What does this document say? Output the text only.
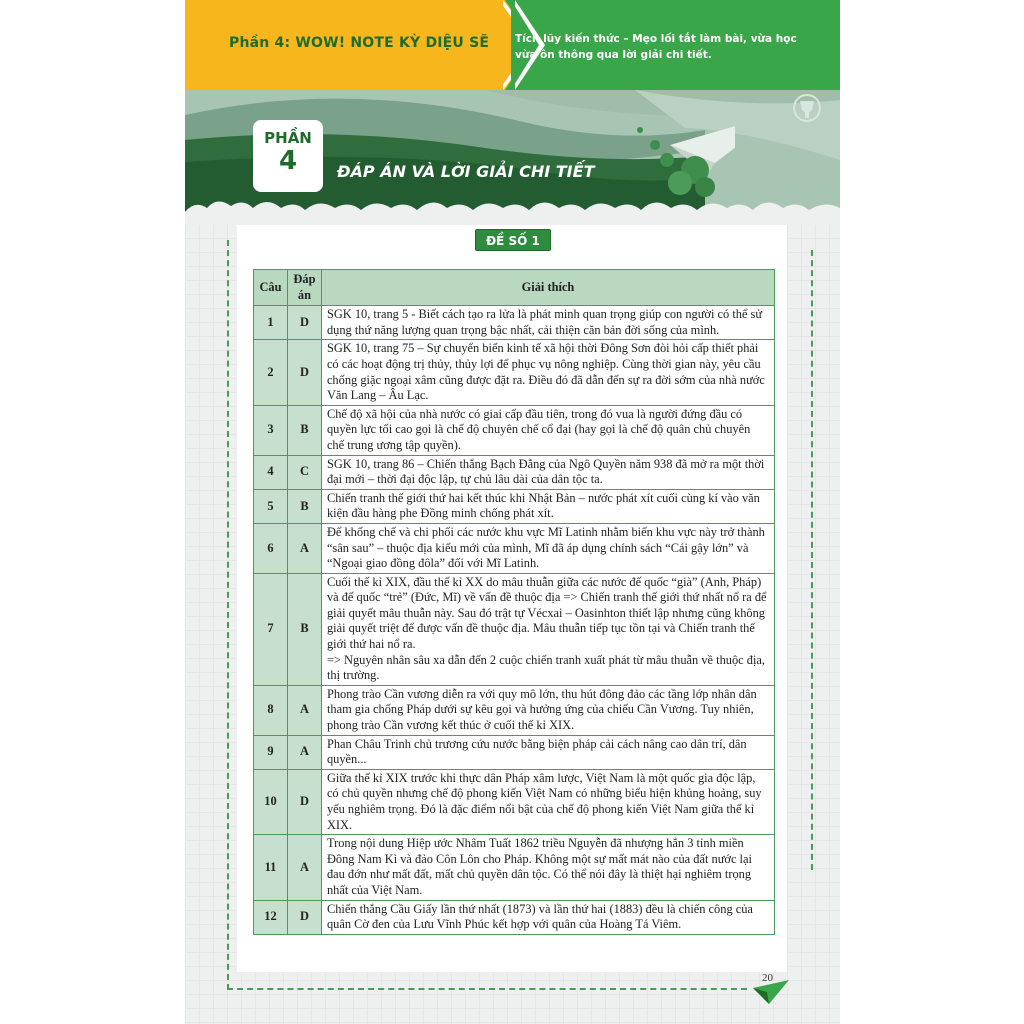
Phần 4: WOW! NOTE KỲ DIỆU SẼ Tích lũy kiến thức – Mẹo lối tắt làm bài, vừa học vừa ôn thông qua lời giải chi tiết.
PHẦN
4	ĐÁP ÁN VÀ LỜI GIẢI CHI TIẾT
ĐỀ SỐ 1
Câu	Đáp án	Giải thích
1	D	SGK 10, trang 5 - Biết cách tạo ra lửa là phát minh quan trọng giúp con người có thể sử dụng thứ năng lượng quan trọng bậc nhất, cải thiện căn bản đời sống của mình.
2	D	SGK 10, trang 75 – Sự chuyển biến kinh tế xã hội thời Đông Sơn đòi hỏi cấp thiết phải có các hoạt động trị thủy, thủy lợi để phục vụ nông nghiệp. Cùng thời gian này, yêu cầu chống giặc ngoại xâm cũng được đặt ra. Điều đó đã dẫn đến sự ra đời sớm của nhà nước Văn Lang – Âu Lạc.
3	B	Chế độ xã hội của nhà nước có giai cấp đầu tiên, trong đó vua là người đứng đầu có quyền lực tối cao gọi là chế độ chuyên chế cổ đại (hay gọi là chế độ quân chủ chuyên chế trung ương tập quyền).
4	C	SGK 10, trang 86 – Chiến thắng Bạch Đằng của Ngô Quyền năm 938 đã mở ra một thời đại mới – thời đại độc lập, tự chủ lâu dài của dân tộc ta.
5	B	Chiến tranh thế giới thứ hai kết thúc khi Nhật Bản – nước phát xít cuối cùng kí vào văn kiện đầu hàng phe Đồng minh chống phát xít.
6	A	Để khống chế và chi phối các nước khu vực Mĩ Latinh nhằm biến khu vực này trở thành “sân sau” – thuộc địa kiểu mới của mình, Mĩ đã áp dụng chính sách “Cái gậy lớn” và “Ngoại giao đồng đôla” đối với Mĩ Latinh.
7	B	Cuối thế kỉ XIX, đầu thế kỉ XX do mâu thuẫn giữa các nước đế quốc “già” (Anh, Pháp) và đế quốc “trẻ” (Đức, Mĩ) về vấn đề thuộc địa => Chiến tranh thế giới thứ nhất nổ ra để giải quyết mâu thuẫn này. Sau đó trật tự Vécxai – Oasinhton thiết lập nhưng cũng không giải quyết triệt để được vấn đề thuộc địa. Mâu thuẫn tiếp tục tồn tại và Chiến tranh thế giới thứ hai nổ ra.
=> Nguyên nhân sâu xa dẫn đến 2 cuộc chiến tranh xuất phát từ mâu thuẫn về thuộc địa, thị trường.
8	A	Phong trào Cần vương diễn ra với quy mô lớn, thu hút đông đảo các tầng lớp nhân dân tham gia chống Pháp dưới sự kêu gọi và hưởng ứng của chiếu Cần Vương. Tuy nhiên, phong trào Cần vương kết thúc ở cuối thế kỉ XIX.
9	A	Phan Châu Trinh chủ trương cứu nước bằng biện pháp cải cách nâng cao dân trí, dân quyền...
10	D	Giữa thế kỉ XIX trước khi thực dân Pháp xâm lược, Việt Nam là một quốc gia độc lập, có chủ quyền nhưng chế độ phong kiến Việt Nam có những biểu hiện khủng hoảng, suy yếu nghiêm trọng. Đó là đặc điểm nổi bật của chế độ phong kiến Việt Nam giữa thế kỉ XIX.
11	A	Trong nội dung Hiệp ước Nhâm Tuất 1862 triều Nguyễn đã nhượng hẳn 3 tỉnh miền Đông Nam Kì và đảo Côn Lôn cho Pháp. Không một sự mất mát nào của đất nước lại đau đớn như mất đất, mất chủ quyền dân tộc. Có thể nói đây là thiệt hại nghiêm trọng nhất của Việt Nam.
12	D	Chiến thắng Cầu Giấy lần thứ nhất (1873) và lần thứ hai (1883) đều là chiến công của quân Cờ đen của Lưu Vĩnh Phúc kết hợp với quân của Hoàng Tá Viêm.
20
